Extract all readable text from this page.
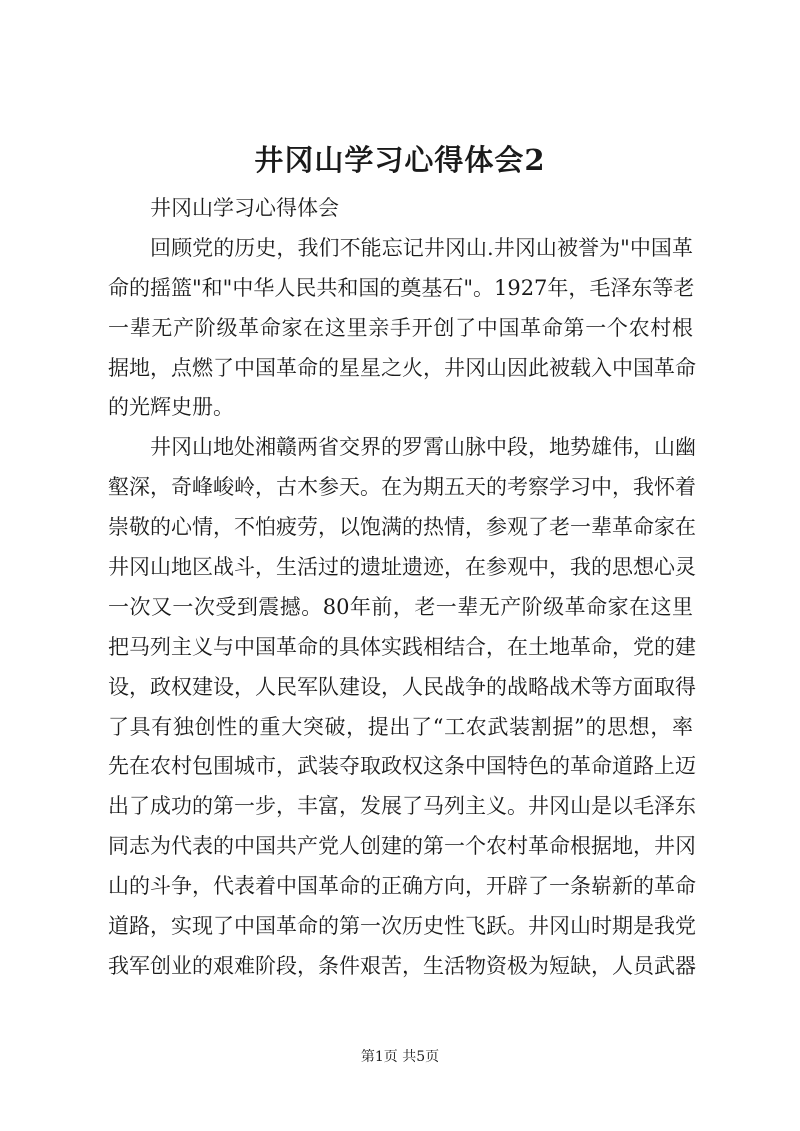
井冈山学习心得体会2
井冈山学习心得体会
回顾党的历史，我们不能忘记井冈山.井冈山被誉为"中国革
命的摇篮"和"中华人民共和国的奠基石"。1927年，毛泽东等老
一辈无产阶级革命家在这里亲手开创了中国革命第一个农村根
据地，点燃了中国革命的星星之火，井冈山因此被载入中国革命
的光辉史册。
井冈山地处湘赣两省交界的罗霄山脉中段，地势雄伟，山幽
壑深，奇峰峻岭，古木参天。在为期五天的考察学习中，我怀着
崇敬的心情，不怕疲劳，以饱满的热情，参观了老一辈革命家在
井冈山地区战斗，生活过的遗址遗迹，在参观中，我的思想心灵
一次又一次受到震撼。80年前，老一辈无产阶级革命家在这里
把马列主义与中国革命的具体实践相结合，在土地革命，党的建
设，政权建设，人民军队建设，人民战争的战略战术等方面取得
了具有独创性的重大突破，提出了“工农武装割据”的思想，率
先在农村包围城市，武装夺取政权这条中国特色的革命道路上迈
出了成功的第一步，丰富，发展了马列主义。井冈山是以毛泽东
同志为代表的中国共产党人创建的第一个农村革命根据地，井冈
山的斗争，代表着中国革命的正确方向，开辟了一条崭新的革命
道路，实现了中国革命的第一次历史性飞跃。井冈山时期是我党
我军创业的艰难阶段，条件艰苦，生活物资极为短缺，人员武器
第1页 共5页
